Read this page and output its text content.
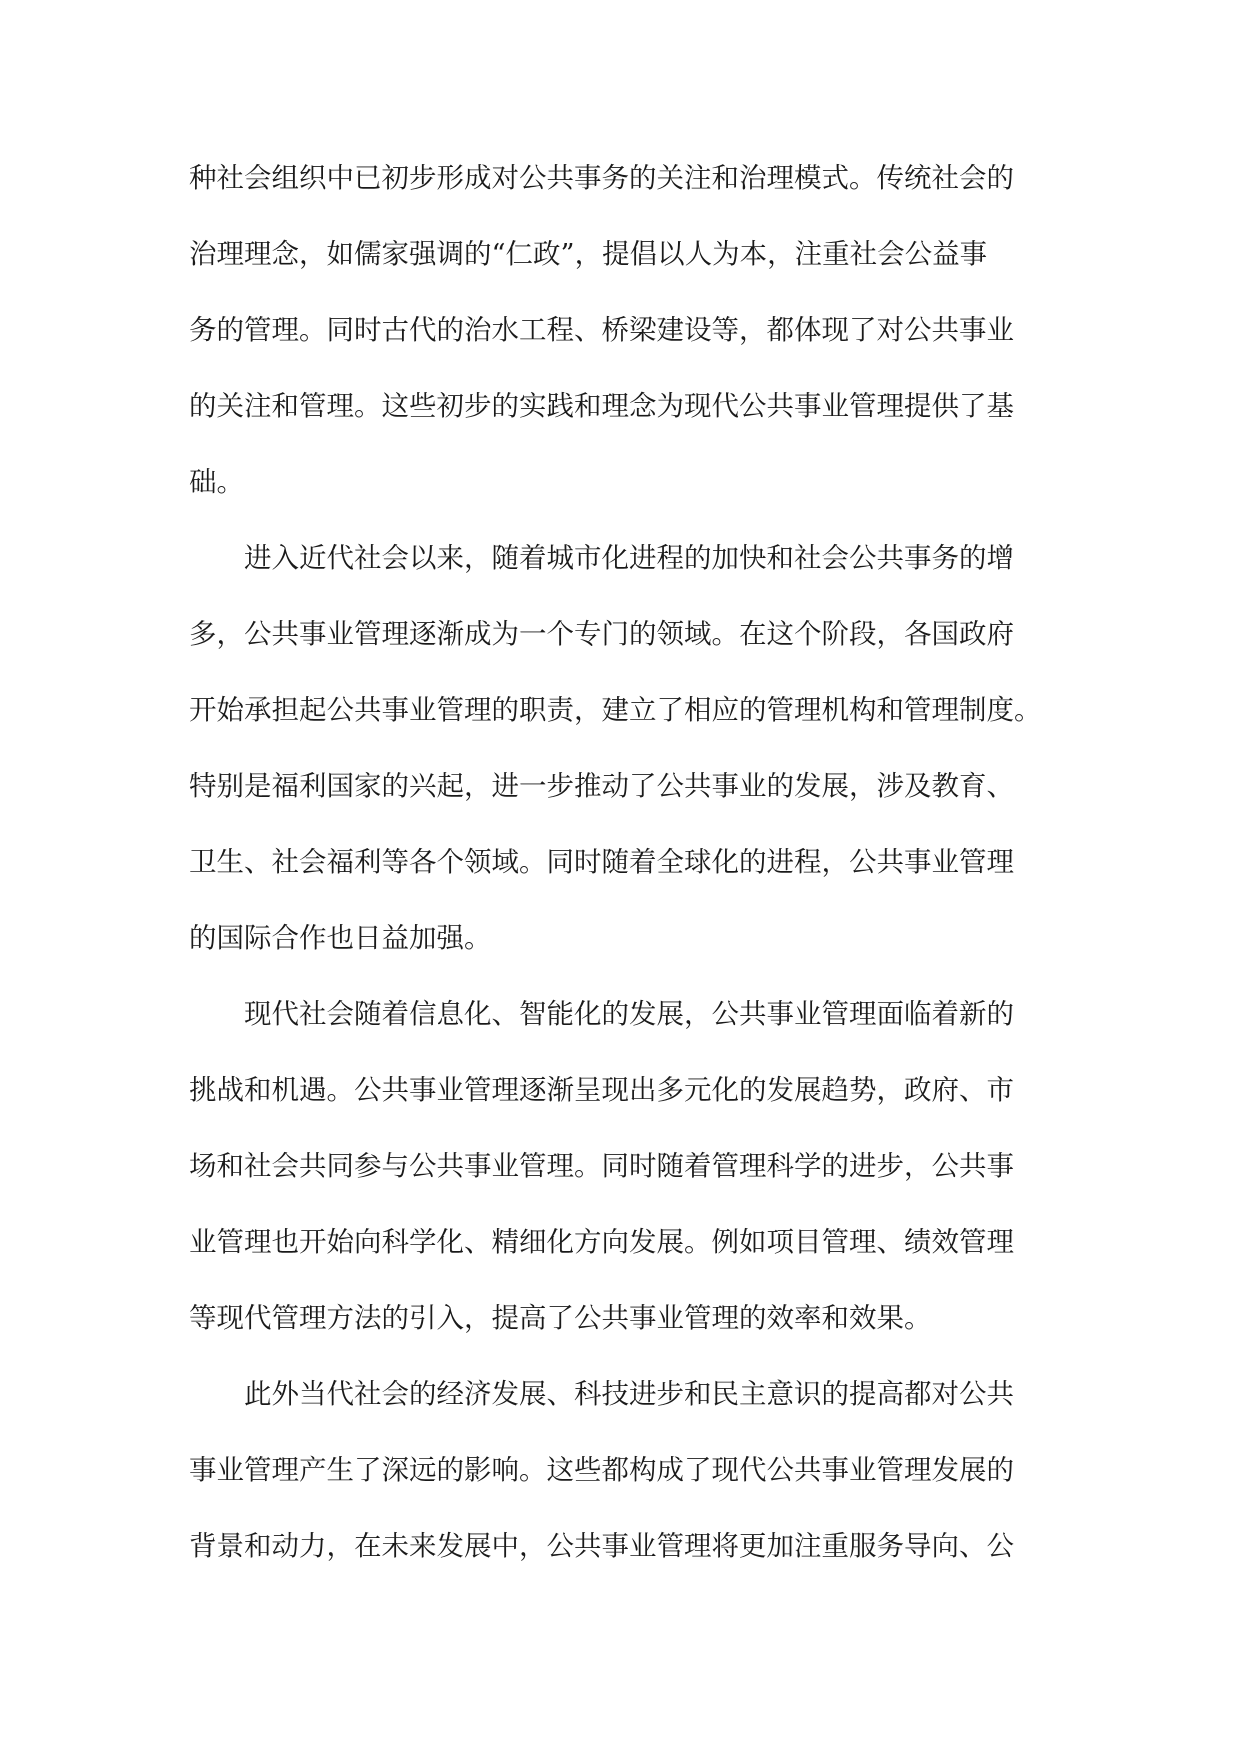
种社会组织中已初步形成对公共事务的关注和治理模式。传统社会的
治理理念，如儒家强调的“仁政”，提倡以人为本，注重社会公益事
务的管理。同时古代的治水工程、桥梁建设等，都体现了对公共事业
的关注和管理。这些初步的实践和理念为现代公共事业管理提供了基
础。
　　进入近代社会以来，随着城市化进程的加快和社会公共事务的增
多，公共事业管理逐渐成为一个专门的领域。在这个阶段，各国政府
开始承担起公共事业管理的职责，建立了相应的管理机构和管理制度。
特别是福利国家的兴起，进一步推动了公共事业的发展，涉及教育、
卫生、社会福利等各个领域。同时随着全球化的进程，公共事业管理
的国际合作也日益加强。
　　现代社会随着信息化、智能化的发展，公共事业管理面临着新的
挑战和机遇。公共事业管理逐渐呈现出多元化的发展趋势，政府、市
场和社会共同参与公共事业管理。同时随着管理科学的进步，公共事
业管理也开始向科学化、精细化方向发展。例如项目管理、绩效管理
等现代管理方法的引入，提高了公共事业管理的效率和效果。
　　此外当代社会的经济发展、科技进步和民主意识的提高都对公共
事业管理产生了深远的影响。这些都构成了现代公共事业管理发展的
背景和动力，在未来发展中，公共事业管理将更加注重服务导向、公
